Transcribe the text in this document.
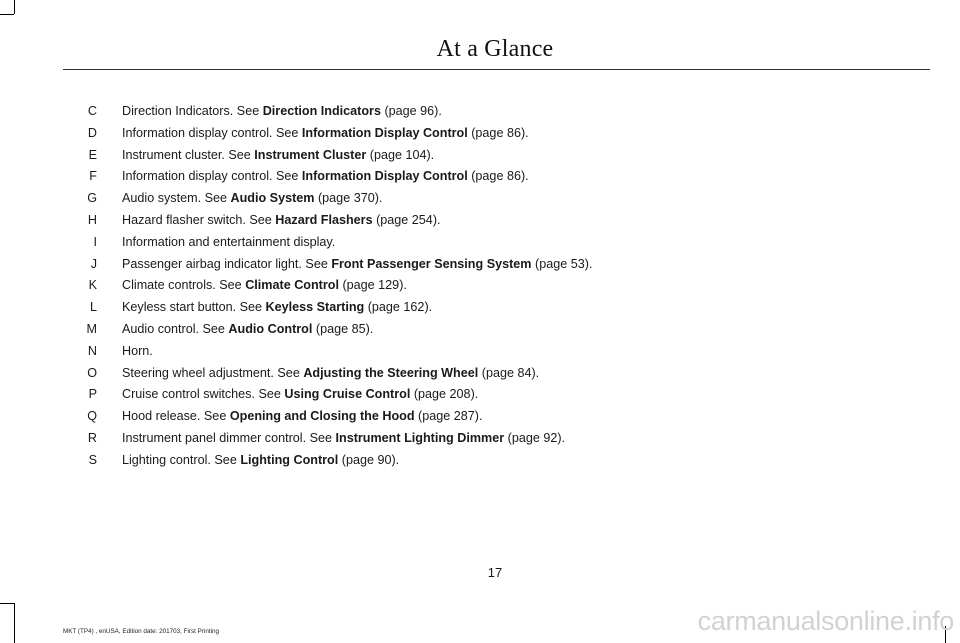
At a Glance
C Direction Indicators. See Direction Indicators (page 96).
D Information display control. See Information Display Control (page 86).
E Instrument cluster. See Instrument Cluster (page 104).
F Information display control. See Information Display Control (page 86).
G Audio system. See Audio System (page 370).
H Hazard flasher switch. See Hazard Flashers (page 254).
I Information and entertainment display.
J Passenger airbag indicator light. See Front Passenger Sensing System (page 53).
K Climate controls. See Climate Control (page 129).
L Keyless start button. See Keyless Starting (page 162).
M Audio control. See Audio Control (page 85).
N Horn.
O Steering wheel adjustment. See Adjusting the Steering Wheel (page 84).
P Cruise control switches. See Using Cruise Control (page 208).
Q Hood release. See Opening and Closing the Hood (page 287).
R Instrument panel dimmer control. See Instrument Lighting Dimmer (page 92).
S Lighting control. See Lighting Control (page 90).
17
MKT (TP4) , enUSA, Edition date: 201703, First Printing	carmanualsonline.info
